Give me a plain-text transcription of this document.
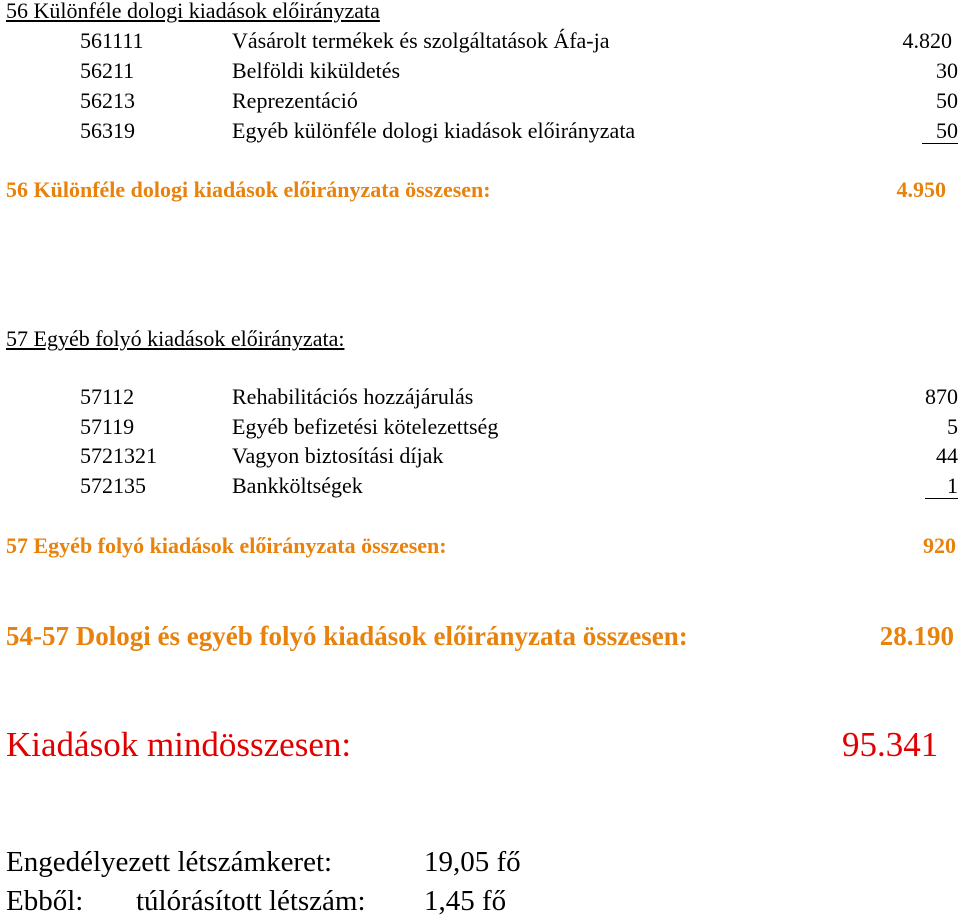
56 Különféle dologi kiadások előirányzata
561111	Vásárolt termékek és szolgáltatások Áfa-ja	4.820
56211	Belföldi kiküldetés	30
56213	Reprezentáció	50
56319	Egyéb különféle dologi kiadások előirányzata	50
56 Különféle dologi kiadások előirányzata összesen:	4.950
57 Egyéb folyó kiadások előirányzata:
57112	Rehabilitációs hozzájárulás	870
57119	Egyéb befizetési kötelezettség	5
5721321	Vagyon biztosítási díjak	44
572135	Bankköltségek	1
57 Egyéb folyó kiadások előirányzata összesen:	920
54-57 Dologi és egyéb folyó kiadások előirányzata összesen:	28.190
Kiadások mindösszesen:	95.341
Engedélyezett létszámkeret:	19,05 fő
Ebből: túlórásított létszám: 1,45 fő
